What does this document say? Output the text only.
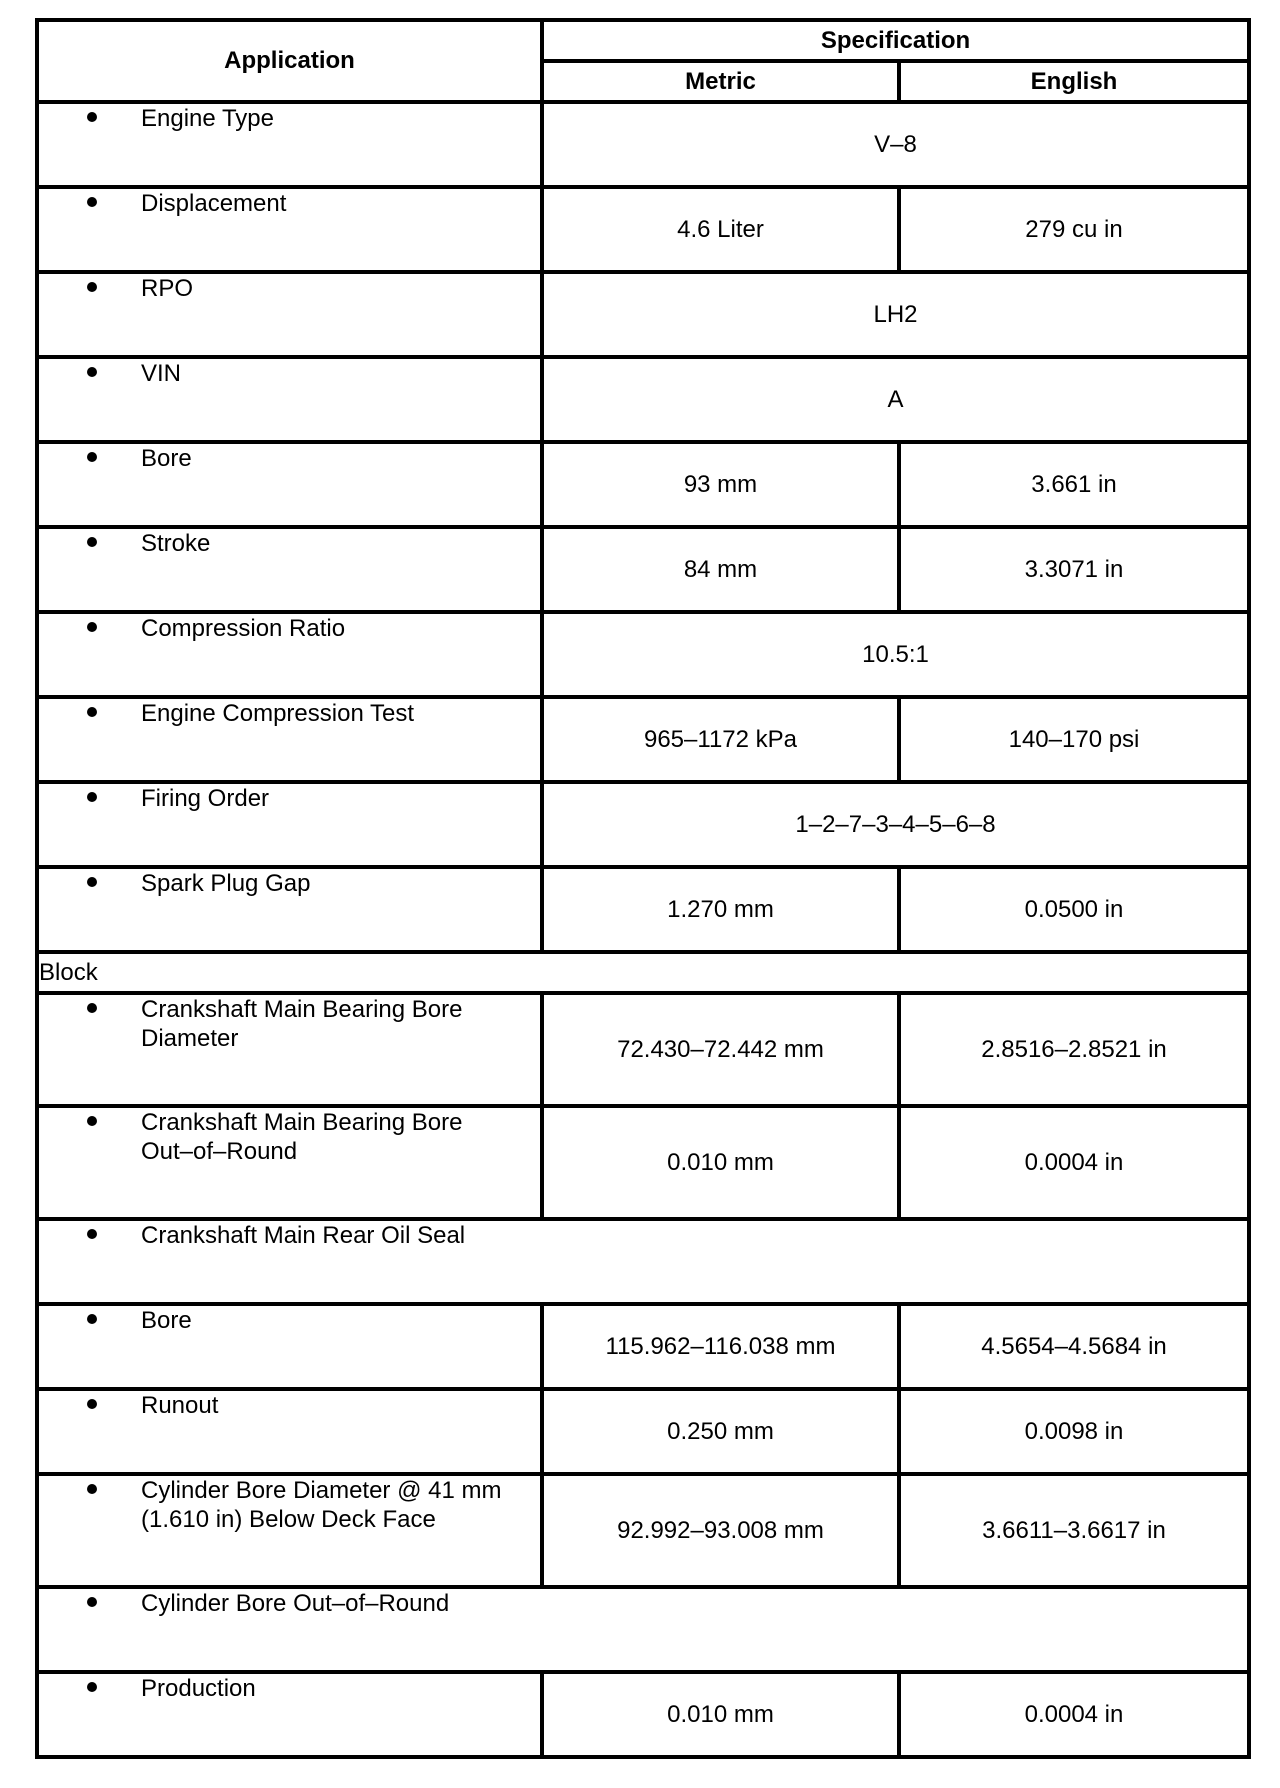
Application	Specification	
	Metric	English

Engine Type	V–8	

Displacement	4.6 Liter	279 cu in

RPO	LH2	

VIN	A	

Bore	93 mm	3.661 in

Stroke	84 mm	3.3071 in

Compression Ratio	10.5:1	

Engine Compression Test	965–1172 kPa	140–170 psi

Firing Order	1–2–7–3–4–5–6–8	

Spark Plug Gap	1.270 mm	0.0500 in
Block		

Crankshaft Main Bearing Bore
Diameter	72.430–72.442 mm	2.8516–2.8521 in

Crankshaft Main Bearing Bore
Out–of–Round	0.010 mm	0.0004 in

Crankshaft Main Rear Oil Seal		

Bore	115.962–116.038 mm	4.5654–4.5684 in

Runout	0.250 mm	0.0098 in

Cylinder Bore Diameter @ 41 mm
(1.610 in) Below Deck Face	92.992–93.008 mm	3.6611–3.6617 in

Cylinder Bore Out–of–Round		

Production	0.010 mm	0.0004 in
